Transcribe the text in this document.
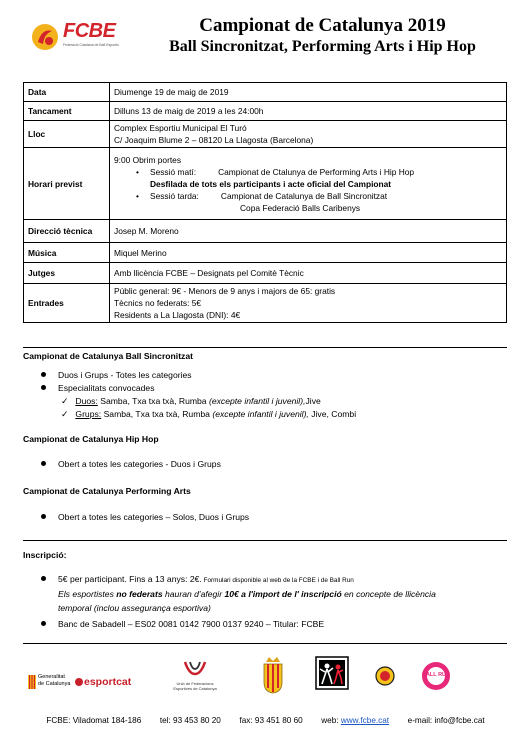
FCBE
Federació Catalana de Ball Esportiu
Campionat de Catalunya 2019
Ball Sincronitzat, Performing Arts i Hip Hop
Data	Diumenge 19 de maig de 2019
Tancament	Dilluns 13 de maig de 2019 a les 24:00h
Lloc	Complex Esportiu Municipal El Turó
C/ Joaquim Blume 2 – 08120 La Llagosta (Barcelona)

Horari previst	9:00 Obrim portes
• Sessió matí: Campionat de Ctalunya de Performing Arts i Hip Hop
Desfilada de tots els participants i acte oficial del Campionat
• Sessió tarda: Campionat de Catalunya de Ball Sincronitzat
Copa Federació Balls Caribenys

Direcció tècnica	Josep M. Moreno
Música	Miquel Merino
Jutges	Amb llicència FCBE – Designats pel Comitè Tècnic
Entrades	Públic general: 9€ - Menors de 9 anys i majors de 65: gratis
Tècnics no federats: 5€
Residents a La Llagosta (DNI): 4€
Campionat de Catalunya Ball Sincronitzat
Duos i Grups - Totes les categories
Especialitats convocades
✓ Duos: Samba, Txa txa txà, Rumba (excepte infantil i juvenil),Jive
✓ Grups: Samba, Txa txa txà, Rumba (excepte infantil i juvenil), Jive, Combi
Campionat de Catalunya Hip Hop
Obert a totes les categories - Duos i Grups
Campionat de Catalunya Performing Arts
Obert a totes les categories – Solos, Duos i Grups
Inscripció:
5€ per participant. Fins a 13 anys: 2€. Formulari disponible al web de la FCBE i de Ball Run
Els esportistes no federats hauran d'afegir 10€ a l'import de l' inscripció en concepte de llicència
temporal (inclou assegurança esportiva)
Banc de Sabadell – ES02 0081 0142 7900 0137 9240 – Titular: FCBE
Generalitat
de Catalunya	esportcat	Unió de Federacions
Esportives de Catalunya
BALL RUN
FCBE: Viladomat 184-186 tel: 93 453 80 20 fax: 93 451 80 60 web: www.fcbe.cat e-mail: info@fcbe.cat
